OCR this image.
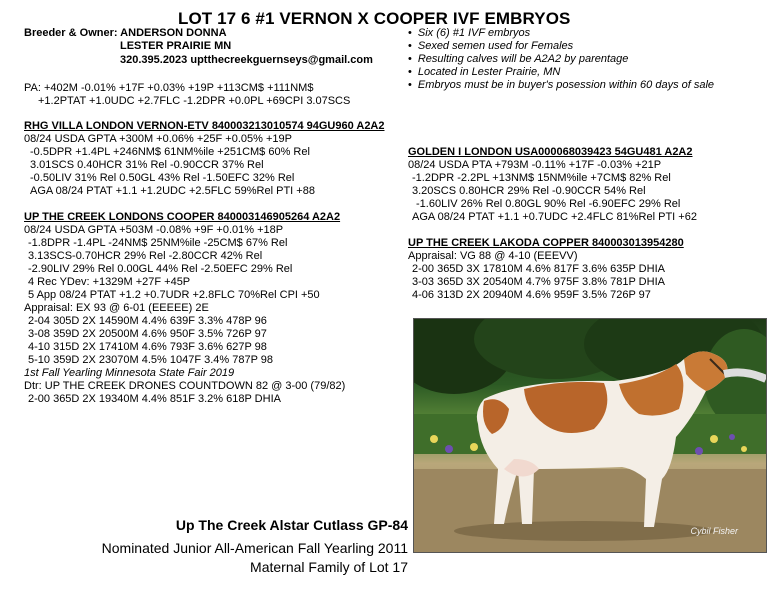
LOT 17 6 #1 VERNON X COOPER IVF EMBRYOS
Breeder & Owner: ANDERSON DONNA
LESTER PRAIRIE MN
320.395.2023 uptthecreekguernseys@gmail.com
• Six (6) #1 IVF embryos
• Sexed semen used for Females
• Resulting calves will be A2A2 by parentage
• Located in Lester Prairie, MN
• Embryos must be in buyer's posession within 60 days of sale
PA: +402M -0.01% +17F +0.03% +19P +113CM$ +111NM$
+1.2PTAT +1.0UDC +2.7FLC -1.2DPR +0.0PL +69CPI 3.07SCS
RHG VILLA LONDON VERNON-ETV 840003213010574 94GU960 A2A2
08/24 USDA GPTA +300M +0.06% +25F +0.05% +19P
-0.5DPR +1.4PL +246NM$ 61NM%ile +251CM$ 60% Rel
3.01SCS 0.40HCR 31% Rel -0.90CCR 37% Rel
-0.50LIV 31% Rel 0.50GL 43% Rel -1.50EFC 32% Rel
AGA 08/24 PTAT +1.1 +1.2UDC +2.5FLC 59%Rel PTI +88
UP THE CREEK LONDONS COOPER 840003146905264 A2A2
08/24 USDA GPTA +503M -0.08% +9F +0.01% +18P
-1.8DPR -1.4PL -24NM$ 25NM%ile -25CM$ 67% Rel
3.13SCS-0.70HCR 29% Rel -2.80CCR 42% Rel
-2.90LIV 29% Rel 0.00GL 44% Rel -2.50EFC 29% Rel
4 Rec YDev: +1329M +27F +45P
5 App 08/24 PTAT +1.2 +0.7UDR +2.8FLC 70%Rel CPI +50
Appraisal: EX 93 @ 6-01 (EEEEE) 2E
2-04 305D 2X 14590M 4.4% 639F 3.3% 478P 96
3-08 359D 2X 20500M 4.6% 950F 3.5% 726P 97
4-10 315D 2X 17410M 4.6% 793F 3.6% 627P 98
5-10 359D 2X 23070M 4.5% 1047F 3.4% 787P 98
1st Fall Yearling Minnesota State Fair 2019
Dtr: UP THE CREEK DRONES COUNTDOWN 82 @ 3-00 (79/82)
2-00 365D 2X 19340M 4.4% 851F 3.2% 618P DHIA
GOLDEN I LONDON USA000068039423 54GU481 A2A2
08/24 USDA PTA +793M -0.11% +17F -0.03% +21P
-1.2DPR -2.2PL +13NM$ 15NM%ile +7CM$ 82% Rel
3.20SCS 0.80HCR 29% Rel -0.90CCR 54% Rel
-1.60LIV 26% Rel 0.80GL 90% Rel -6.90EFC 29% Rel
AGA 08/24 PTAT +1.1 +0.7UDC +2.4FLC 81%Rel PTI +62
UP THE CREEK LAKODA COPPER 840003013954280
Appraisal: VG 88 @ 4-10 (EEEVV)
2-00 365D 3X 17810M 4.6% 817F 3.6% 635P DHIA
3-03 365D 3X 20540M 4.7% 975F 3.8% 781P DHIA
4-06 313D 2X 20940M 4.6% 959F 3.5% 726P 97
Cybil Fisher
Up The Creek Alstar Cutlass GP-84
Nominated Junior All-American Fall Yearling 2011
Maternal Family of Lot 17
